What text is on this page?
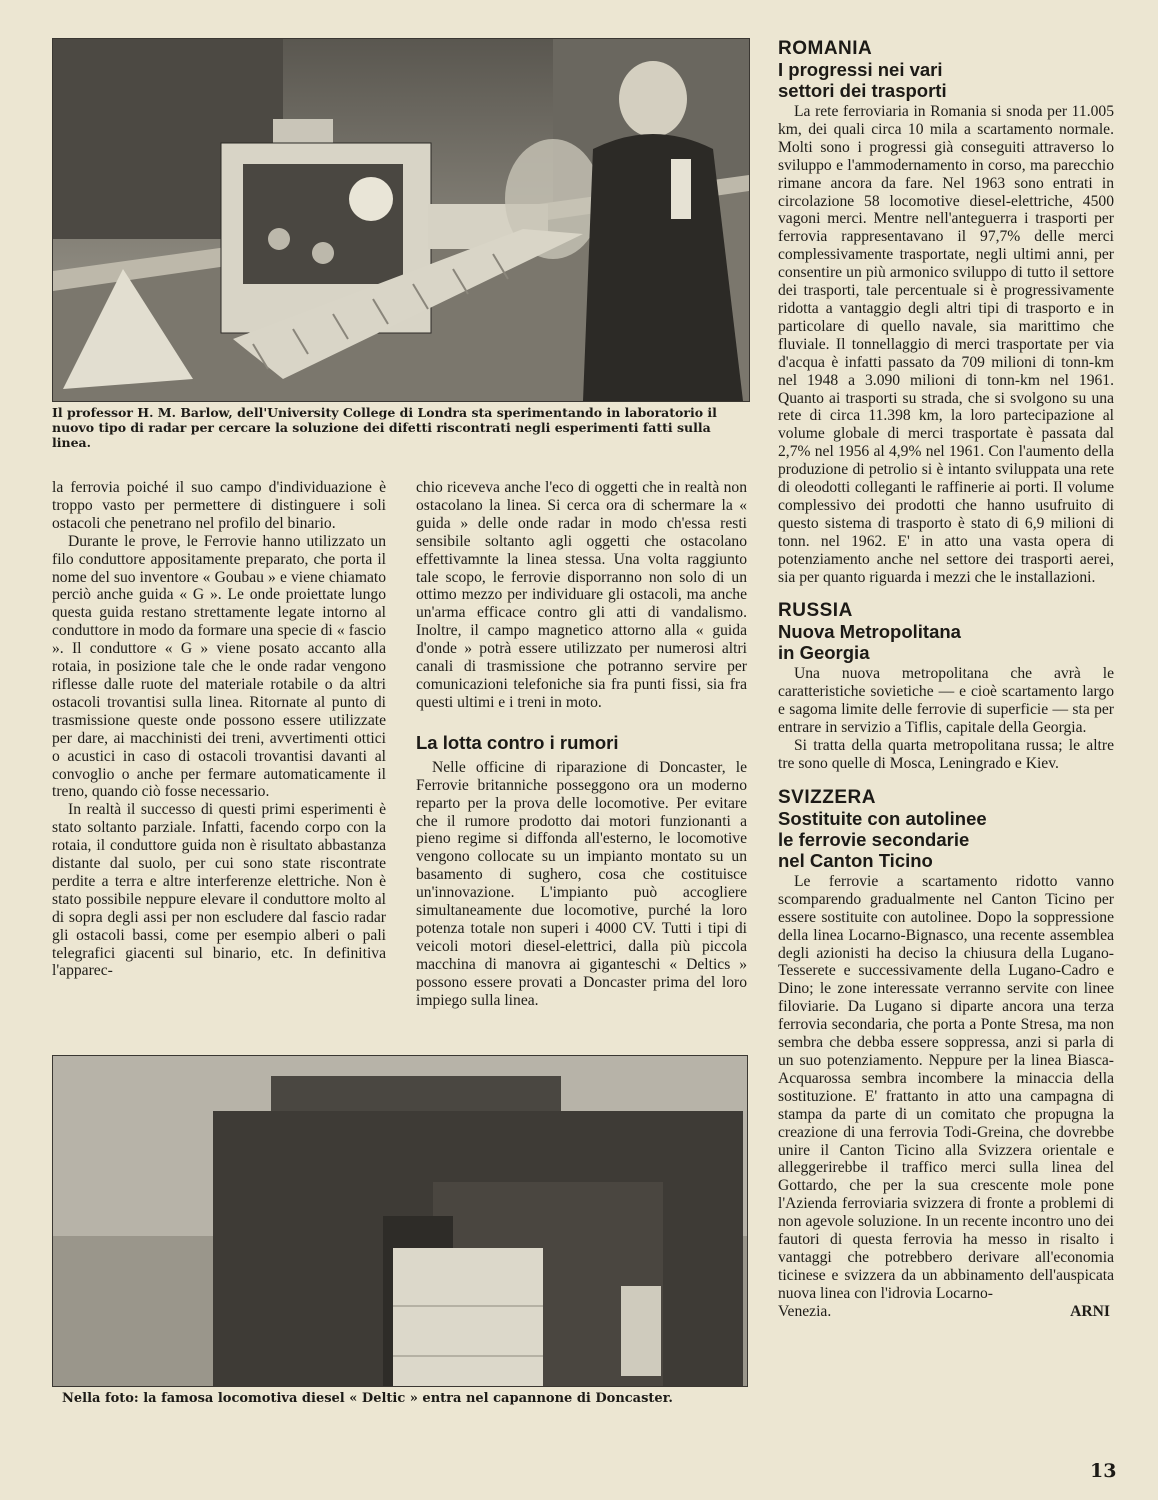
Il professor H. M. Barlow, dell'University College di Londra sta sperimentando in laboratorio il nuovo tipo di radar per cercare la soluzione dei difetti riscontrati negli esperimenti fatti sulla linea.

la ferrovia poiché il suo campo d'individuazione è troppo vasto per permettere di distinguere i soli ostacoli che penetrano nel profilo del binario.

Durante le prove, le Ferrovie hanno utilizzato un filo conduttore appositamente preparato, che porta il nome del suo inventore « Goubau » e viene chiamato perciò anche guida « G ». Le onde proiettate lungo questa guida restano strettamente legate intorno al conduttore in modo da formare una specie di « fascio ». Il conduttore « G » viene posato accanto alla rotaia, in posizione tale che le onde radar vengono riflesse dalle ruote del materiale rotabile o da altri ostacoli trovantisi sulla linea. Ritornate al punto di trasmissione queste onde possono essere utilizzate per dare, ai macchinisti dei treni, avvertimenti ottici o acustici in caso di ostacoli trovantisi davanti al convoglio o anche per fermare automaticamente il treno, quando ciò fosse necessario.

In realtà il successo di questi primi esperimenti è stato soltanto parziale. Infatti, facendo corpo con la rotaia, il conduttore guida non è risultato abbastanza distante dal suolo, per cui sono state riscontrate perdite a terra e altre interferenze elettriche. Non è stato possibile neppure elevare il conduttore molto al di sopra degli assi per non escludere dal fascio radar gli ostacoli bassi, come per esempio alberi o pali telegrafici giacenti sul binario, etc. In definitiva l'apparec-

chio riceveva anche l'eco di oggetti che in realtà non ostacolano la linea. Si cerca ora di schermare la « guida » delle onde radar in modo ch'essa resti sensibile soltanto agli oggetti che ostacolano effettivamnte la linea stessa. Una volta raggiunto tale scopo, le ferrovie disporranno non solo di un ottimo mezzo per individuare gli ostacoli, ma anche un'arma efficace contro gli atti di vandalismo. Inoltre, il campo magnetico attorno alla « guida d'onde » potrà essere utilizzato per numerosi altri canali di trasmissione che potranno servire per comunicazioni telefoniche sia fra punti fissi, sia fra questi ultimi e i treni in moto.

La lotta contro i rumori

Nelle officine di riparazione di Doncaster, le Ferrovie britanniche posseggono ora un moderno reparto per la prova delle locomotive. Per evitare che il rumore prodotto dai motori funzionanti a pieno regime si diffonda all'esterno, le locomotive vengono collocate su un impianto montato su un basamento di sughero, cosa che costituisce un'innovazione. L'impianto può accogliere simultaneamente due locomotive, purché la loro potenza totale non superi i 4000 CV. Tutti i tipi di veicoli motori diesel-elettrici, dalla più piccola macchina di manovra ai giganteschi « Deltics » possono essere provati a Doncaster prima del loro impiego sulla linea.

Nella foto: la famosa locomotiva diesel « Deltic » entra nel capannone di Doncaster.
ROMANIA
I progressi nei vari
settori dei trasporti

La rete ferroviaria in Romania si snoda per 11.005 km, dei quali circa 10 mila a scartamento normale. Molti sono i progressi già conseguiti attraverso lo sviluppo e l'ammodernamento in corso, ma parecchio rimane ancora da fare. Nel 1963 sono entrati in circolazione 58 locomotive diesel-elettriche, 4500 vagoni merci. Mentre nell'anteguerra i trasporti per ferrovia rappresentavano il 97,7% delle merci complessivamente trasportate, negli ultimi anni, per consentire un più armonico sviluppo di tutto il settore dei trasporti, tale percentuale si è progressivamente ridotta a vantaggio degli altri tipi di trasporto e in particolare di quello navale, sia marittimo che fluviale. Il tonnellaggio di merci trasportate per via d'acqua è infatti passato da 709 milioni di tonn-km nel 1948 a 3.090 milioni di tonn-km nel 1961. Quanto ai trasporti su strada, che si svolgono su una rete di circa 11.398 km, la loro partecipazione al volume globale di merci trasportate è passata dal 2,7% nel 1956 al 4,9% nel 1961. Con l'aumento della produzione di petrolio si è intanto sviluppata una rete di oleodotti colleganti le raffinerie ai porti. Il volume complessivo dei prodotti che hanno usufruito di questo sistema di trasporto è stato di 6,9 milioni di tonn. nel 1962. E' in atto una vasta opera di potenziamento anche nel settore dei trasporti aerei, sia per quanto riguarda i mezzi che le installazioni.

RUSSIA
Nuova Metropolitana
in Georgia

Una nuova metropolitana che avrà le caratteristiche sovietiche — e cioè scartamento largo e sagoma limite delle ferrovie di superficie — sta per entrare in servizio a Tiflis, capitale della Georgia.

Si tratta della quarta metropolitana russa; le altre tre sono quelle di Mosca, Leningrado e Kiev.

SVIZZERA
Sostituite con autolinee
le ferrovie secondarie
nel Canton Ticino

Le ferrovie a scartamento ridotto vanno scomparendo gradualmente nel Canton Ticino per essere sostituite con autolinee. Dopo la soppressione della linea Locarno-Bignasco, una recente assemblea degli azionisti ha deciso la chiusura della Lugano-Tesserete e successivamente della Lugano-Cadro e Dino; le zone interessate verranno servite con linee filoviarie. Da Lugano si diparte ancora una terza ferrovia secondaria, che porta a Ponte Stresa, ma non sembra che debba essere soppressa, anzi si parla di un suo potenziamento. Neppure per la linea Biasca-Acquarossa sembra incombere la minaccia della sostituzione. E' frattanto in atto una campagna di stampa da parte di un comitato che propugna la creazione di una ferrovia Todi-Greina, che dovrebbe unire il Canton Ticino alla Svizzera orientale e alleggerirebbe il traffico merci sulla linea del Gottardo, che per la sua crescente mole pone l'Azienda ferroviaria svizzera di fronte a problemi di non agevole soluzione. In un recente incontro uno dei fautori di questa ferrovia ha messo in risalto i vantaggi che potrebbero derivare all'economia ticinese e svizzera da un abbinamento dell'auspicata nuova linea con l'idrovia Locarno-

Venezia.	ARNI
13
